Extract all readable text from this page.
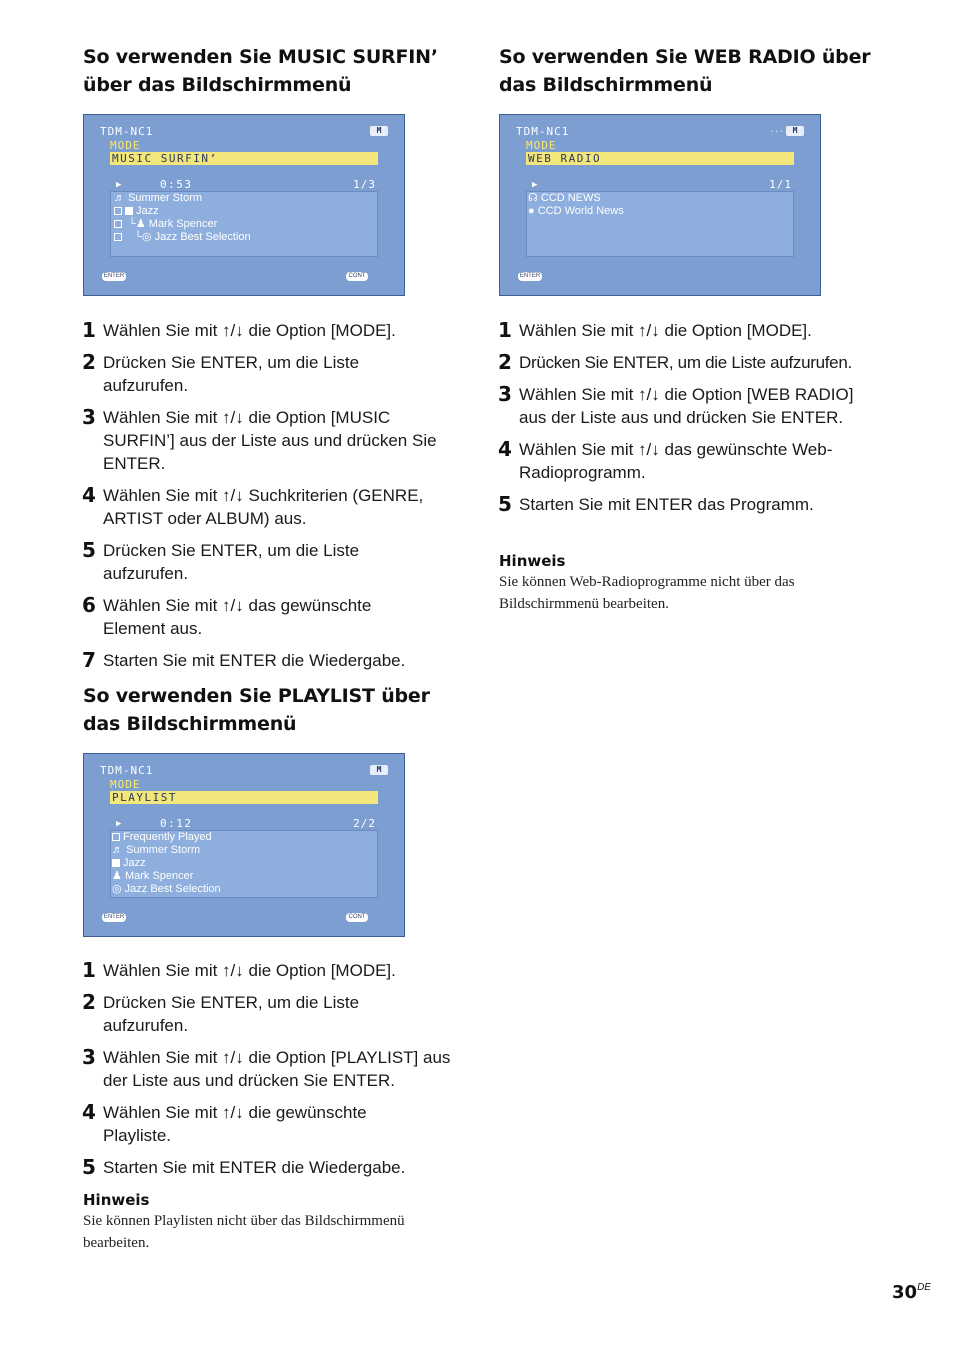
So verwenden Sie MUSIC SURFIN’ über das Bildschirmmenü
TDM-NC1	M
MODE
MUSIC SURFIN’
▶	0:53	1/3
♬ Summer Storm
Jazz
└♟ Mark Spencer
└◎ Jazz Best Selection
ENTER	CONT
1 Wählen Sie mit ↑/↓ die Option [MODE].
2 Drücken Sie ENTER, um die Liste aufzurufen.
3 Wählen Sie mit ↑/↓ die Option [MUSIC SURFIN’] aus der Liste aus und drücken Sie ENTER.
4 Wählen Sie mit ↑/↓ Suchkriterien (GENRE, ARTIST oder ALBUM) aus.
5 Drücken Sie ENTER, um die Liste aufzurufen.
6 Wählen Sie mit ↑/↓ das gewünschte Element aus.
7 Starten Sie mit ENTER die Wiedergabe.
So verwenden Sie PLAYLIST über das Bildschirmmenü
TDM-NC1	M
MODE
PLAYLIST
▶	0:12	2/2
Frequently Played
♬ Summer Storm
Jazz
♟ Mark Spencer
◎ Jazz Best Selection
ENTER	CONT
1 Wählen Sie mit ↑/↓ die Option [MODE].
2 Drücken Sie ENTER, um die Liste aufzurufen.
3 Wählen Sie mit ↑/↓ die Option [PLAYLIST] aus der Liste aus und drücken Sie ENTER.
4 Wählen Sie mit ↑/↓ die gewünschte Playliste.
5 Starten Sie mit ENTER die Wiedergabe.

Hinweis

Sie können Playlisten nicht über das Bildschirmmenü bearbeiten.

So verwenden Sie WEB RADIO über das Bildschirmmenü
TDM-NC1	···	M
MODE
WEB RADIO
▶	1/1
☊ CCD NEWS
● CCD World News
ENTER
1 Wählen Sie mit ↑/↓ die Option [MODE].
2 Drücken Sie ENTER, um die Liste aufzurufen.
3 Wählen Sie mit ↑/↓ die Option [WEB RADIO] aus der Liste aus und drücken Sie ENTER.
4 Wählen Sie mit ↑/↓ das gewünschte Web-Radioprogramm.
5 Starten Sie mit ENTER das Programm.

Hinweis

Sie können Web-Radioprogramme nicht über das Bildschirmmenü bearbeiten.

30DE
